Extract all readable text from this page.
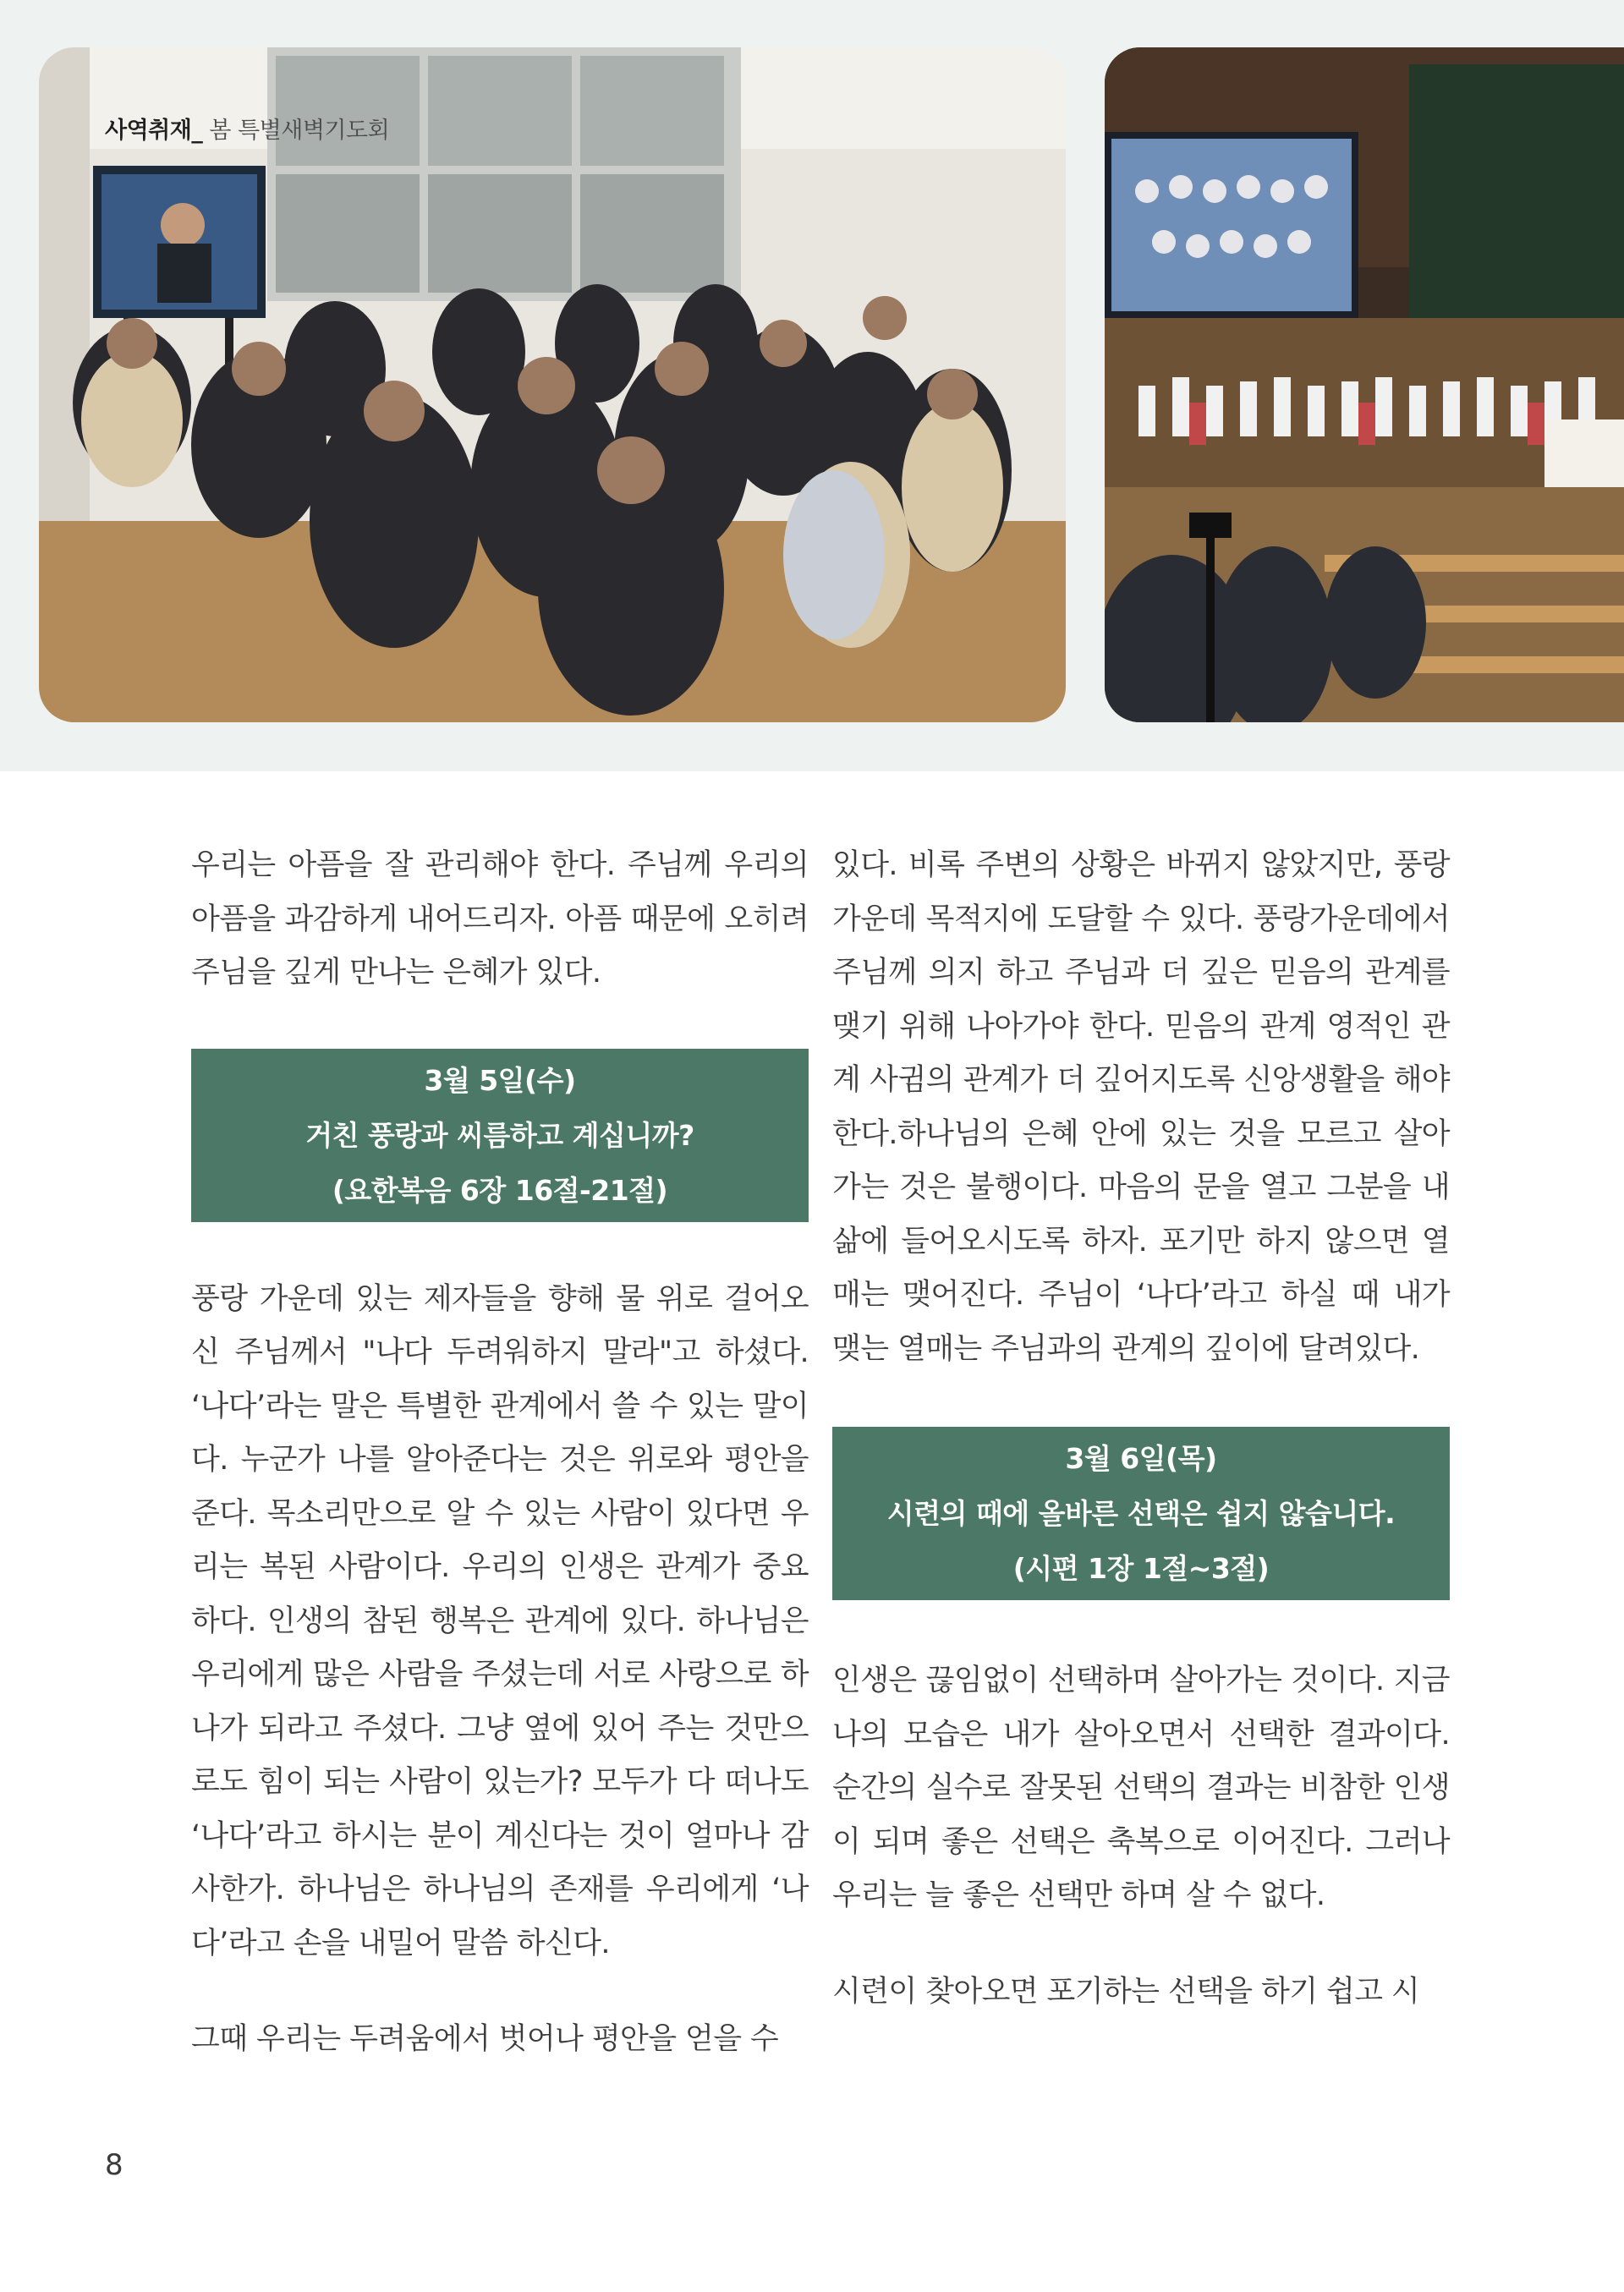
사역취재_ 봄 특별새벽기도회

우리는 아픔을 잘 관리해야 한다. 주님께 우리의 아픔을 과감하게 내어드리자. 아픔 때문에 오히려 주님을 깊게 만나는 은혜가 있다.

3월 5일(수)
거친 풍랑과 씨름하고 계십니까?
(요한복음 6장 16절-21절)

풍랑 가운데 있는 제자들을 향해 물 위로 걸어오신 주님께서 "나다 두려워하지 말라"고 하셨다. ‘나다’라는 말은 특별한 관계에서 쓸 수 있는 말이다. 누군가 나를 알아준다는 것은 위로와 평안을 준다. 목소리만으로 알 수 있는 사람이 있다면 우리는 복된 사람이다. 우리의 인생은 관계가 중요하다. 인생의 참된 행복은 관계에 있다. 하나님은 우리에게 많은 사람을 주셨는데 서로 사랑으로 하나가 되라고 주셨다. 그냥 옆에 있어 주는 것만으로도 힘이 되는 사람이 있는가? 모두가 다 떠나도 ‘나다’라고 하시는 분이 계신다는 것이 얼마나 감사한가. 하나님은 하나님의 존재를 우리에게 ‘나다’라고 손을 내밀어 말씀 하신다.

그때 우리는 두려움에서 벗어나 평안을 얻을 수

있다. 비록 주변의 상황은 바뀌지 않았지만, 풍랑 가운데 목적지에 도달할 수 있다. 풍랑가운데에서 주님께 의지 하고 주님과 더 깊은 믿음의 관계를 맺기 위해 나아가야 한다. 믿음의 관계 영적인 관계 사귐의 관계가 더 깊어지도록 신앙생활을 해야 한다.하나님의 은혜 안에 있는 것을 모르고 살아가는 것은 불행이다. 마음의 문을 열고 그분을 내 삶에 들어오시도록 하자. 포기만 하지 않으면 열매는 맺어진다. 주님이 ‘나다’라고 하실 때 내가 맺는 열매는 주님과의 관계의 깊이에 달려있다.

3월 6일(목)
시련의 때에 올바른 선택은 쉽지 않습니다.
(시편 1장 1절~3절)

인생은 끊임없이 선택하며 살아가는 것이다. 지금 나의 모습은 내가 살아오면서 선택한 결과이다. 순간의 실수로 잘못된 선택의 결과는 비참한 인생이 되며 좋은 선택은 축복으로 이어진다. 그러나 우리는 늘 좋은 선택만 하며 살 수 없다.

시련이 찾아오면 포기하는 선택을 하기 쉽고 시

8
